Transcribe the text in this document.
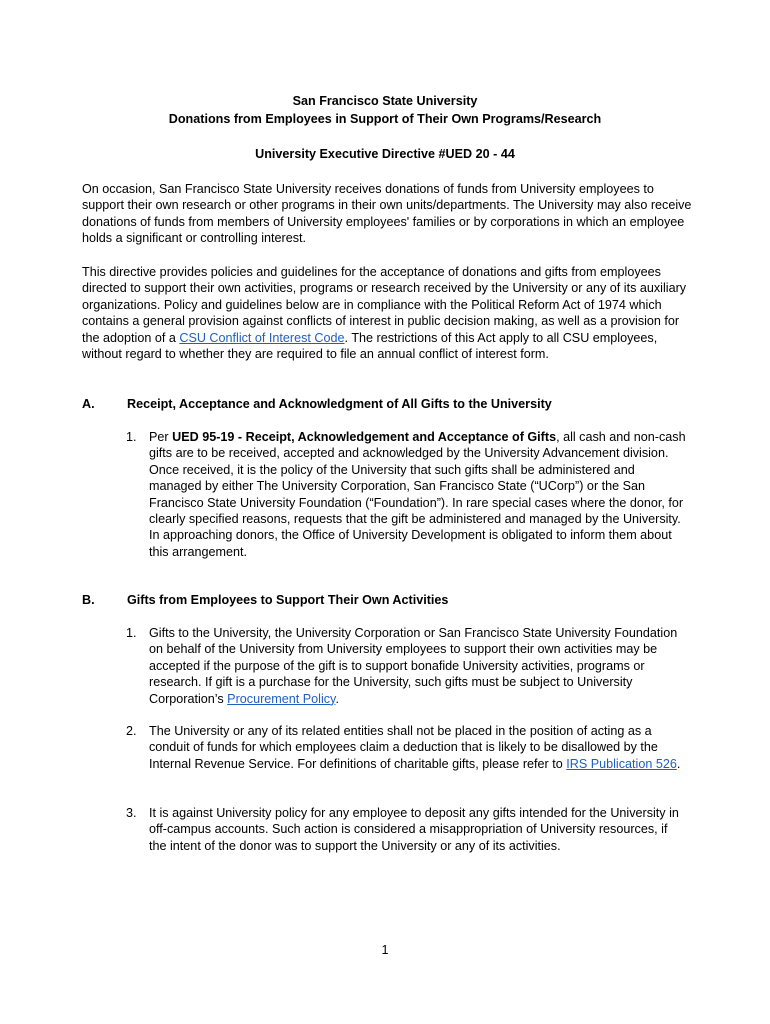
San Francisco State University
Donations from Employees in Support of Their Own Programs/Research
University Executive Directive #UED 20 - 44
On occasion, San Francisco State University receives donations of funds from University employees to support their own research or other programs in their own units/departments. The University may also receive donations of funds from members of University employees' families or by corporations in which an employee holds a significant or controlling interest.
This directive provides policies and guidelines for the acceptance of donations and gifts from employees directed to support their own activities, programs or research received by the University or any of its auxiliary organizations. Policy and guidelines below are in compliance with the Political Reform Act of 1974 which contains a general provision against conflicts of interest in public decision making, as well as a provision for the adoption of a CSU Conflict of Interest Code. The restrictions of this Act apply to all CSU employees, without regard to whether they are required to file an annual conflict of interest form.
A.	Receipt, Acceptance and Acknowledgment of All Gifts to the University
1. Per UED 95-19 - Receipt, Acknowledgement and Acceptance of Gifts, all cash and non-cash gifts are to be received, accepted and acknowledged by the University Advancement division. Once received, it is the policy of the University that such gifts shall be administered and managed by either The University Corporation, San Francisco State (“UCorp”) or the San Francisco State University Foundation (“Foundation”). In rare special cases where the donor, for clearly specified reasons, requests that the gift be administered and managed by the University. In approaching donors, the Office of University Development is obligated to inform them about this arrangement.
B.	Gifts from Employees to Support Their Own Activities
1. Gifts to the University, the University Corporation or San Francisco State University Foundation on behalf of the University from University employees to support their own activities may be accepted if the purpose of the gift is to support bonafide University activities, programs or research. If gift is a purchase for the University, such gifts must be subject to University Corporation’s Procurement Policy.
2. The University or any of its related entities shall not be placed in the position of acting as a conduit of funds for which employees claim a deduction that is likely to be disallowed by the Internal Revenue Service. For definitions of charitable gifts, please refer to IRS Publication 526.
3. It is against University policy for any employee to deposit any gifts intended for the University in off-campus accounts. Such action is considered a misappropriation of University resources, if the intent of the donor was to support the University or any of its activities.
1
